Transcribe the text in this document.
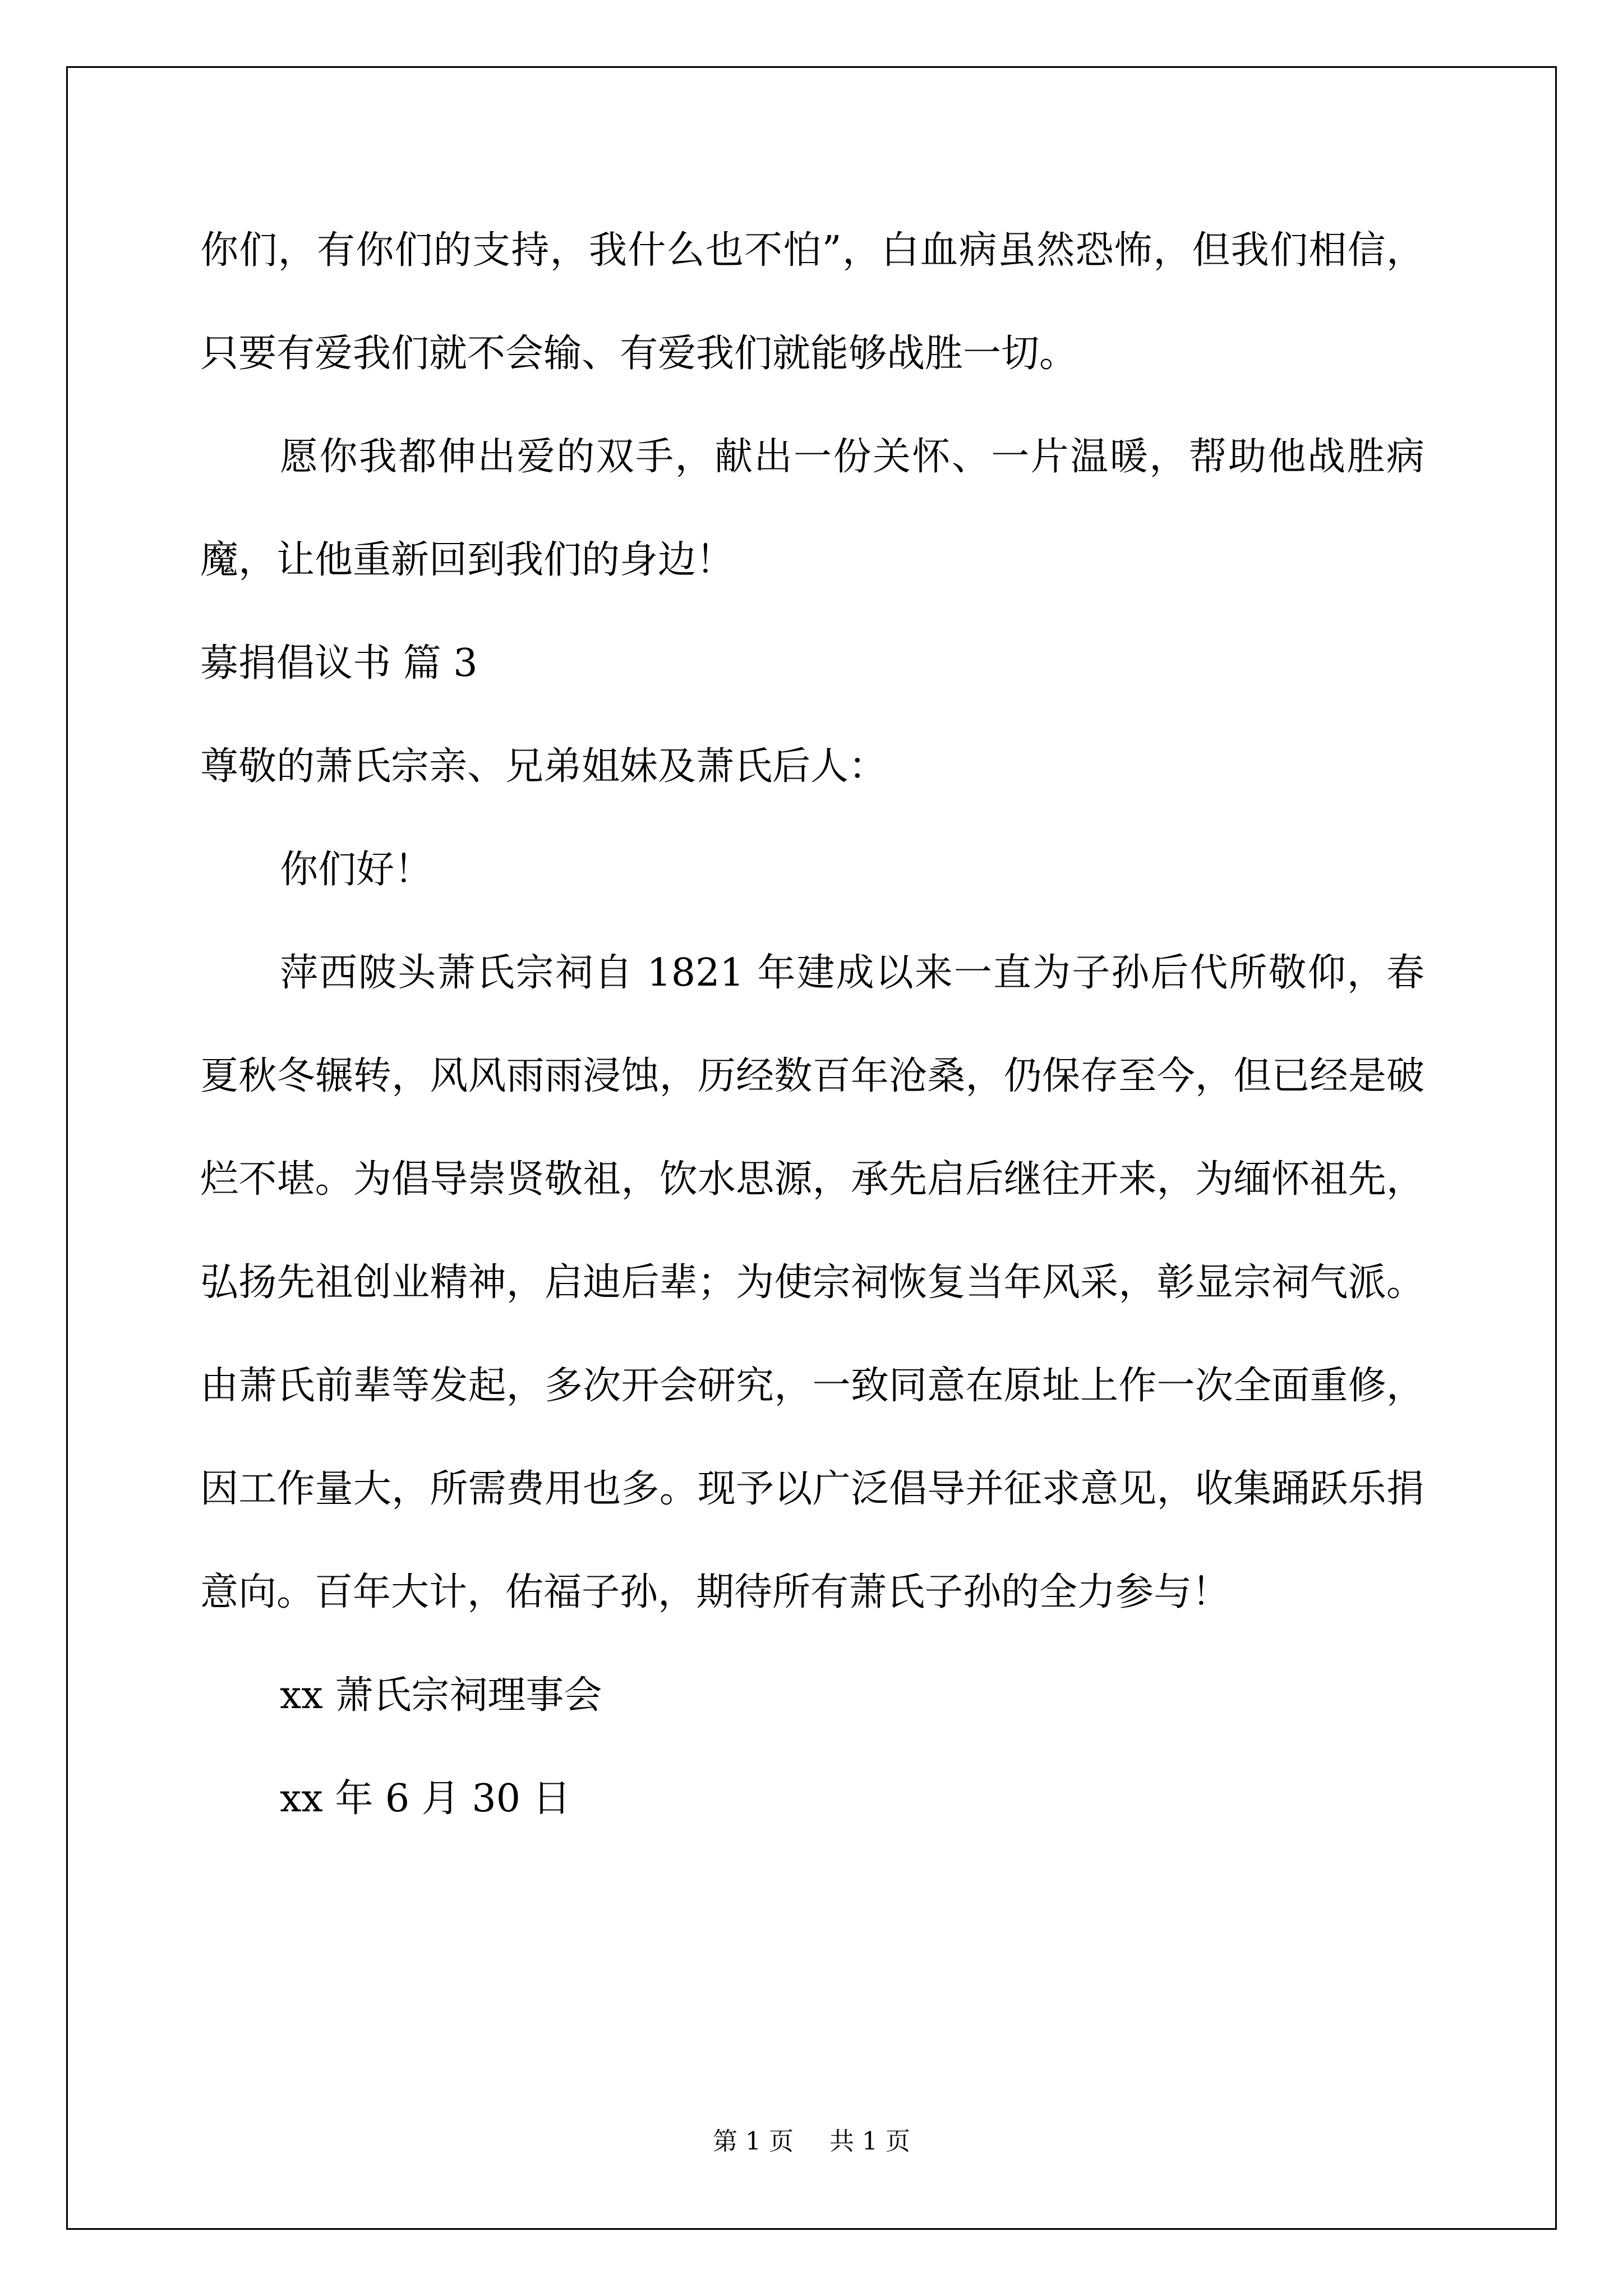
你们，有你们的支持，我什么也不怕”，白血病虽然恐怖，但我们相信，只要有爱我们就不会输、有爱我们就能够战胜一切。

愿你我都伸出爱的双手，献出一份关怀、一片温暖，帮助他战胜病魔，让他重新回到我们的身边！

募捐倡议书 篇 3

尊敬的萧氏宗亲、兄弟姐妹及萧氏后人：

你们好！

萍西陂头萧氏宗祠自 1821 年建成以来一直为子孙后代所敬仰，春夏秋冬辗转，风风雨雨浸蚀，历经数百年沧桑，仍保存至今，但已经是破烂不堪。为倡导崇贤敬祖，饮水思源，承先启后继往开来，为缅怀祖先，弘扬先祖创业精神，启迪后辈；为使宗祠恢复当年风采，彰显宗祠气派。由萧氏前辈等发起，多次开会研究，一致同意在原址上作一次全面重修，因工作量大，所需费用也多。现予以广泛倡导并征求意见，收集踊跃乐捐意向。百年大计，佑福子孙，期待所有萧氏子孙的全力参与！

xx 萧氏宗祠理事会

xx 年 6 月 30 日

第 1 页 共 1 页
